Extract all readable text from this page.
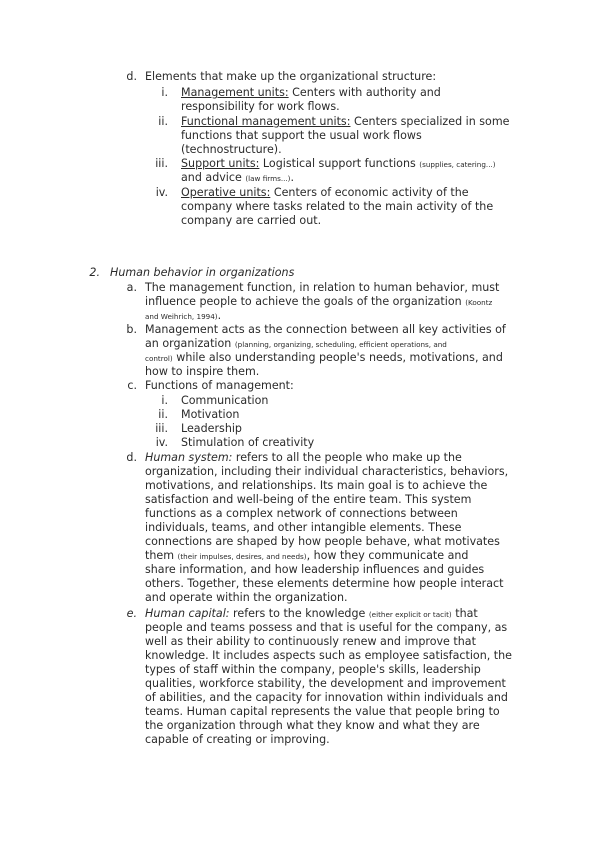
d. Elements that make up the organizational structure:
i. Management units: Centers with authority and
responsibility for work flows.
ii. Functional management units: Centers specialized in some
functions that support the usual work flows
(technostructure).
iii. Support units: Logistical support functions (supplies, catering...)
and advice (law firms...).
iv. Operative units: Centers of economic activity of the
company where tasks related to the main activity of the
company are carried out.
2. Human behavior in organizations
a. The management function, in relation to human behavior, must
influence people to achieve the goals of the organization (Koontz
and Weihrich, 1994).
b. Management acts as the connection between all key activities of
an organization (planning, organizing, scheduling, efficient operations, and
control) while also understanding people's needs, motivations, and
how to inspire them.
c. Functions of management:
i. Communication
ii. Motivation
iii. Leadership
iv. Stimulation of creativity
d. Human system: refers to all the people who make up the
organization, including their individual characteristics, behaviors,
motivations, and relationships. Its main goal is to achieve the
satisfaction and well-being of the entire team. This system
functions as a complex network of connections between
individuals, teams, and other intangible elements. These
connections are shaped by how people behave, what motivates
them (their impulses, desires, and needs), how they communicate and
share information, and how leadership influences and guides
others. Together, these elements determine how people interact
and operate within the organization.
e. Human capital: refers to the knowledge (either explicit or tacit) that
people and teams possess and that is useful for the company, as
well as their ability to continuously renew and improve that
knowledge. It includes aspects such as employee satisfaction, the
types of staff within the company, people's skills, leadership
qualities, workforce stability, the development and improvement
of abilities, and the capacity for innovation within individuals and
teams. Human capital represents the value that people bring to
the organization through what they know and what they are
capable of creating or improving.
